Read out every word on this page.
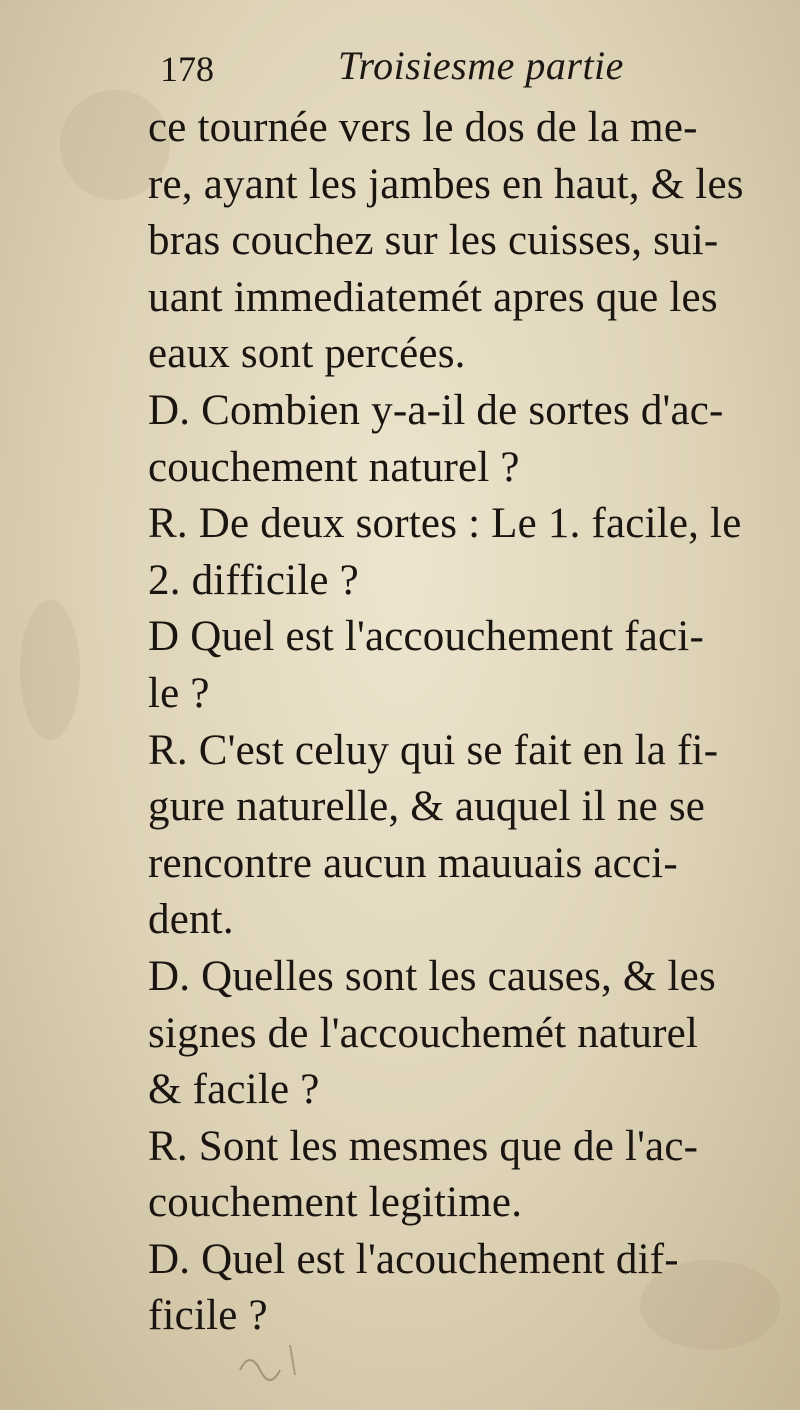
178	Troisiesme partie
ce tournée vers le dos de la me-
re, ayant les jambes en haut, & les
bras couchez sur les cuisses, sui-
uant immediatemét apres que les
eaux sont percées.
D. Combien y-a-il de sortes d'ac-
couchement naturel ?
R. De deux sortes : Le 1. facile, le
2. difficile ?
D Quel est l'accouchement faci-
le ?
R. C'est celuy qui se fait en la fi-
gure naturelle, & auquel il ne se
rencontre aucun mauuais acci-
dent.
D. Quelles sont les causes, & les
signes de l'accouchemét naturel
& facile ?
R. Sont les mesmes que de l'ac-
couchement legitime.
D. Quel est l'acouchement dif-
ficile ?
